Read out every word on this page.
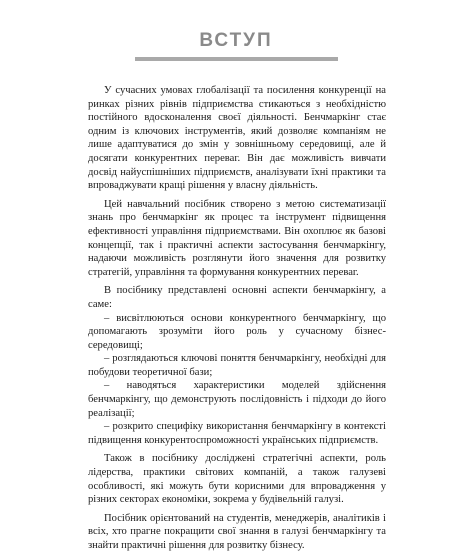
ВСТУП

У сучасних умовах глобалізації та посилення конкуренції на ринках різних рівнів підприємства стикаються з необхідністю постійного вдосконалення своєї діяльності. Бенчмаркінг стає одним із ключових інструментів, який дозволяє компаніям не лише адаптуватися до змін у зовнішньому середовищі, але й досягати конкурентних переваг. Він дає можливість вивчати досвід найуспішніших підприємств, аналізувати їхні практики та впроваджувати кращі рішення у власну діяльність.

Цей навчальний посібник створено з метою систематизації знань про бенчмаркінг як процес та інструмент підвищення ефективності управління підприємствами. Він охоплює як базові концепції, так і практичні аспекти застосування бенчмаркінгу, надаючи можливість розглянути його значення для розвитку стратегій, управління та формування конкурентних переваг.

В посібнику представлені основні аспекти бенчмаркінгу, а саме:

– висвітлюються основи конкурентного бенчмаркінгу, що допомагають зрозуміти його роль у сучасному бізнес-середовищі;
– розглядаються ключові поняття бенчмаркінгу, необхідні для побудови теоретичної бази;
– наводяться характеристики моделей здійснення бенчмаркінгу, що демонструють послідовність і підходи до його реалізації;
– розкрито специфіку використання бенчмаркінгу в контексті підвищення конкурентоспроможності українських підприємств.

Також в посібнику досліджені стратегічні аспекти, роль лідерства, практики світових компаній, а також галузеві особливості, які можуть бути корисними для впровадження у різних секторах економіки, зокрема у будівельній галузі.

Посібник орієнтований на студентів, менеджерів, аналітиків і всіх, хто прагне покращити свої знання в галузі бенчмаркінгу та знайти практичні рішення для розвитку бізнесу.
